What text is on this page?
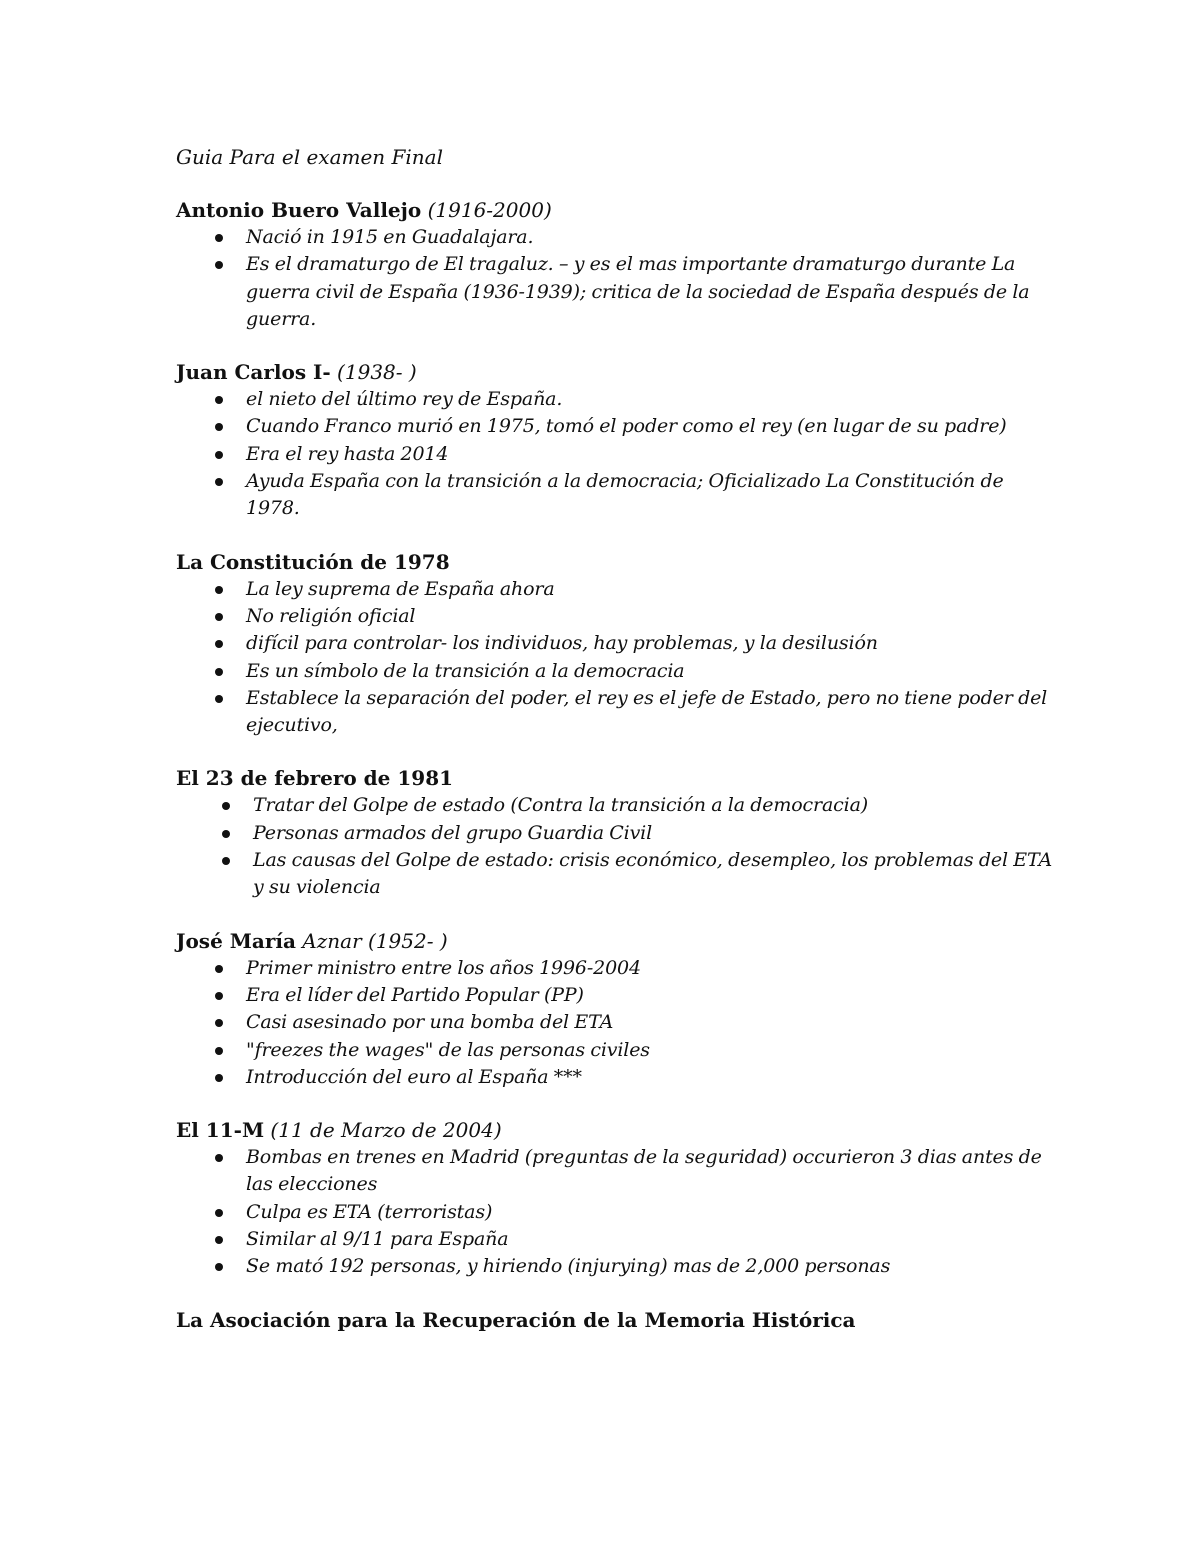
Guia Para el examen Final
Antonio Buero Vallejo (1916-2000)
Nació in 1915 en Guadalajara.
Es el dramaturgo de El tragaluz. – y es el mas importante dramaturgo durante La guerra civil de España (1936-1939); critica de la sociedad de España después de la guerra.
Juan Carlos I- (1938- )
el nieto del último rey de España.
Cuando Franco murió en 1975, tomó el poder como el rey (en lugar de su padre)
Era el rey hasta 2014
Ayuda España con la transición a la democracia; Oficializado La Constitución de 1978.
La Constitución de 1978
La ley suprema de España ahora
No religión oficial
difícil para controlar- los individuos, hay problemas, y la desilusión
Es un símbolo de la transición a la democracia
Establece la separación del poder, el rey es el jefe de Estado, pero no tiene poder del ejecutivo,
El 23 de febrero de 1981
Tratar del Golpe de estado (Contra la transición a la democracia)
Personas armados del grupo Guardia Civil
Las causas del Golpe de estado: crisis económico, desempleo, los problemas del ETA y su violencia
José María Aznar (1952- )
Primer ministro entre los años 1996-2004
Era el líder del Partido Popular (PP)
Casi asesinado por una bomba del ETA
"freezes the wages" de las personas civiles
Introducción del euro al España ***
El 11-M (11 de Marzo de 2004)
Bombas en trenes en Madrid (preguntas de la seguridad) occurieron 3 dias antes de las elecciones
Culpa es ETA (terroristas)
Similar al 9/11 para España
Se mató 192 personas, y hiriendo (injurying) mas de 2,000 personas
La Asociación para la Recuperación de la Memoria Histórica
